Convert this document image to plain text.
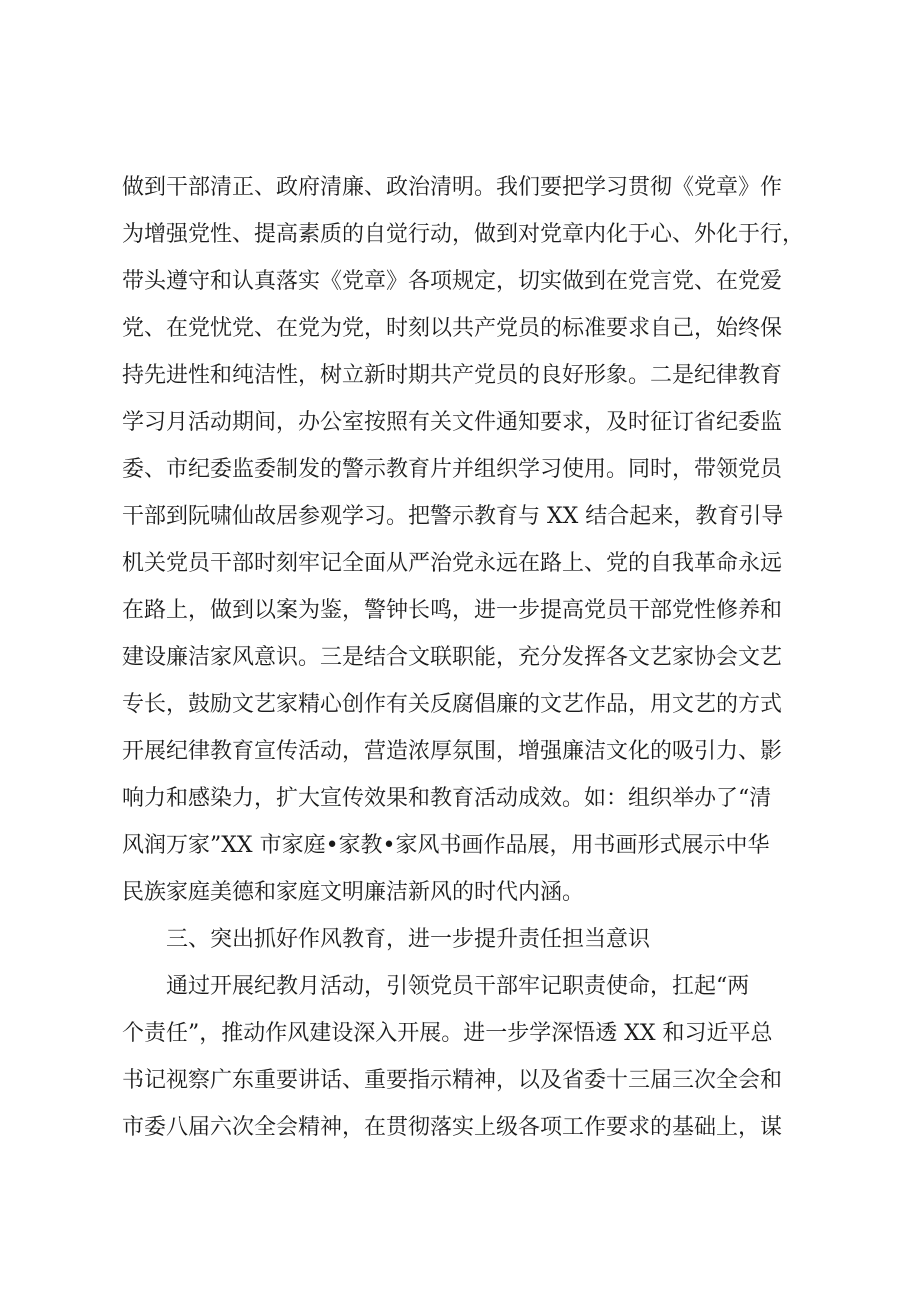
做到干部清正、政府清廉、政治清明。我们要把学习贯彻《党章》作
为增强党性、提高素质的自觉行动，做到对党章内化于心、外化于行，
带头遵守和认真落实《党章》各项规定，切实做到在党言党、在党爱
党、在党忧党、在党为党，时刻以共产党员的标准要求自己，始终保
持先进性和纯洁性，树立新时期共产党员的良好形象。二是纪律教育
学习月活动期间，办公室按照有关文件通知要求，及时征订省纪委监
委、市纪委监委制发的警示教育片并组织学习使用。同时，带领党员
干部到阮啸仙故居参观学习。把警示教育与 XX 结合起来，教育引导
机关党员干部时刻牢记全面从严治党永远在路上、党的自我革命永远
在路上，做到以案为鉴，警钟长鸣，进一步提高党员干部党性修养和
建设廉洁家风意识。三是结合文联职能，充分发挥各文艺家协会文艺
专长，鼓励文艺家精心创作有关反腐倡廉的文艺作品，用文艺的方式
开展纪律教育宣传活动，营造浓厚氛围，增强廉洁文化的吸引力、影
响力和感染力，扩大宣传效果和教育活动成效。如：组织举办了“清
风润万家”XX 市家庭•家教•家风书画作品展，用书画形式展示中华
民族家庭美德和家庭文明廉洁新风的时代内涵。
三、突出抓好作风教育，进一步提升责任担当意识
通过开展纪教月活动，引领党员干部牢记职责使命，扛起“两
个责任”，推动作风建设深入开展。进一步学深悟透 XX 和习近平总
书记视察广东重要讲话、重要指示精神，以及省委十三届三次全会和
市委八届六次全会精神，在贯彻落实上级各项工作要求的基础上，谋
